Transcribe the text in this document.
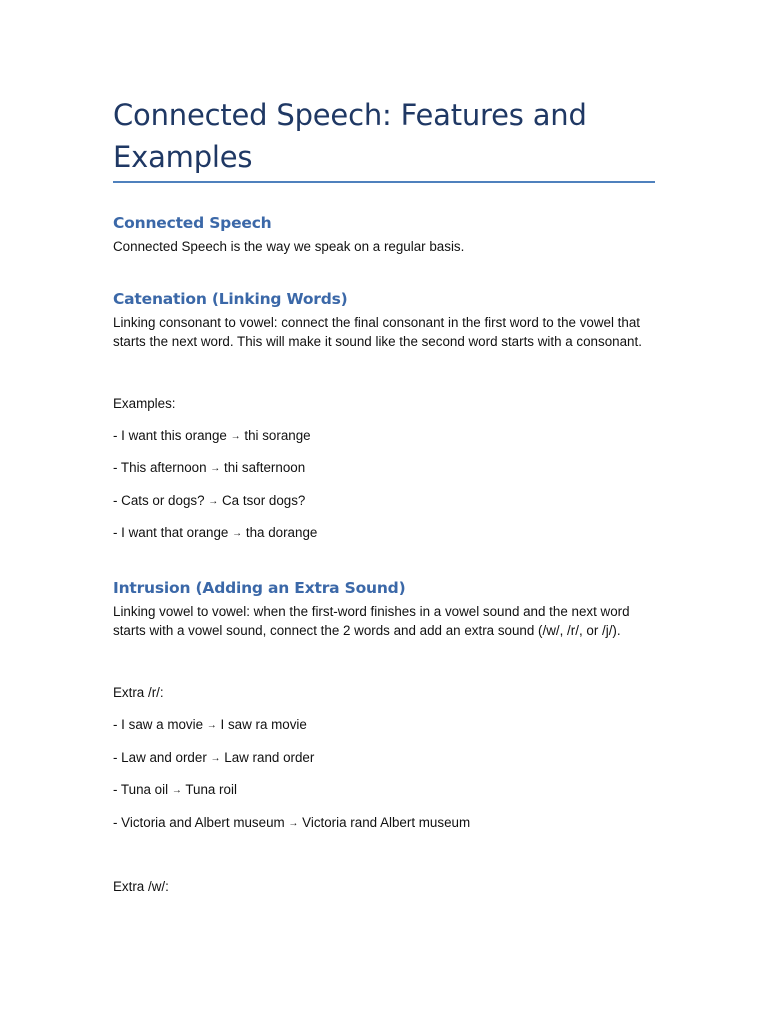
Connected Speech: Features and Examples
Connected Speech

Connected Speech is the way we speak on a regular basis.

Catenation (Linking Words)

Linking consonant to vowel: connect the final consonant in the first word to the vowel that starts the next word. This will make it sound like the second word starts with a consonant.

Examples:

- I want this orange → thi sorange

- This afternoon → thi safternoon

- Cats or dogs? → Ca tsor dogs?

- I want that orange → tha dorange

Intrusion (Adding an Extra Sound)

Linking vowel to vowel: when the first-word finishes in a vowel sound and the next word starts with a vowel sound, connect the 2 words and add an extra sound (/w/, /r/, or /j/).

Extra /r/:

- I saw a movie → I saw ra movie

- Law and order → Law rand order

- Tuna oil → Tuna roil

- Victoria and Albert museum → Victoria rand Albert museum

Extra /w/:
